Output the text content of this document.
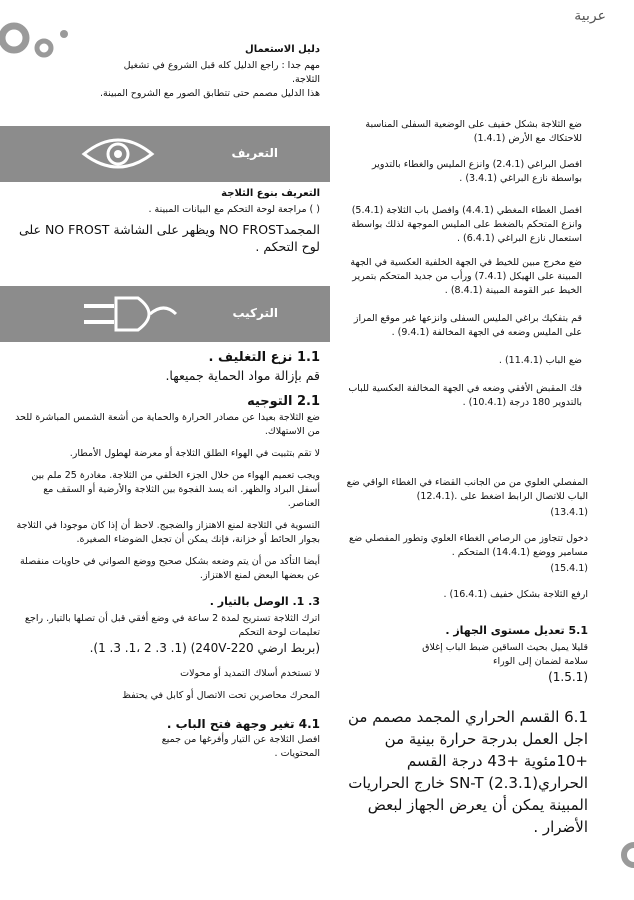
عربية
دليل الاستعمال

مهم جدا : راجع الدليل كله قبل الشروع في تشغيل الثلاجة.

هذا الدليل مصمم حتى تتطابق الصور مع الشروح المبينة.

التعريف
التعريف بنوع الثلاجة

( ) مراجعة لوحة التحكم مع البيانات المبينة .

المجمدNO FROST ويظهر على الشاشة NO FROST على لوح التحكم .

التركيب
1.1 نزع التغليف .

قم بإزالة مواد الحماية جميعها.

2.1 التوجيه

ضع الثلاجة بعيدا عن مصادر الحرارة والحماية من أشعة الشمس المباشرة للحد من الاستهلاك.

لا تقم بتثبيت في الهواء الطلق الثلاجة أو معرضة لهطول الأمطار.

ويجب تعميم الهواء من خلال الجزء الخلفي من الثلاجة. مغادرة 25 ملم بين أسفل البراد والظهر. انه يسد الفجوة بين الثلاجة والأرضية أو السقف مع العناصر.

التسوية في الثلاجة لمنع الاهتزاز والضجيج. لاحظ أن إذا كان موجودا في الثلاجة بجوار الحائط أو خزانة، فإنك يمكن أن تجعل الضوضاء الصغيرة.

أيضا التأكد من أن يتم وضعه بشكل صحيح ووضع الصواني في حاويات منفصلة عن بعضها البعض لمنع الاهتزاز.

3. 1. الوصل بالتيار .

اترك الثلاجة تستريح لمدة 2 ساعة في وضع أفقي قبل أن تصلها بالتيار. راجع تعليمات لوحة التحكم

(بربط ارضي 220-240V) (1 .3 .1، 2 .3 .1).

لا تستخدم أسلاك التمديد أو محولات

المحرك محاصرين تحت الاتصال أو كابل في يحتفظ

4.1 تغير وجهة فتح الباب .

افصل الثلاجة عن التيار وأفرغها من جميع المحتويات .

ضع الثلاجة بشكل خفيف على الوضعية السفلى المناسبة للاحتكاك مع الأرض (1.4.1)

افصل البراغي (2.4.1) وانزع المليس والغطاء بالتدوير بواسطة نازع البراغي (3.4.1) .

افصل الغطاء المغطي (4.4.1) وافصل باب الثلاجة (5.4.1) وانزع المتحكم بالضغط على المليس الموجهة لذلك بواسطة استعمال نازع البراغي (6.4.1) .

ضع مخرج مبين للخيط في الجهة الخلفية العكسية في الجهة المبينة على الهيكل (7.4.1) ورأب من جديد المتحكم بتمرير الخيط عبر القومة المبينة (8.4.1) .

قم بتفكيك براغي المليس السفلى وانزعها غير موقع المراز على المليس وضعه في الجهة المخالفة (9.4.1) .

ضع الباب (11.4.1) .

فك المقبض الأفقي وضعه في الجهة المخالفة العكسية للباب بالتدوير 180 درجة (10.4.1) .

المفصلي العلوي من من الجانب القضاء في الغطاء الواقي ضع الباب للاتصال الرابط اضغط على .(12.4.1)

(13.4.1)

دخول تتجاوز من الرصاص الغطاء العلوي وتطور المفصلي ضع مسامير ووضع (14.4.1) المتحكم .

(15.4.1)

ارفع الثلاجة بشكل خفيف (16.4.1) .

5.1 تعديل مستوى الجهاز .

قليلا يميل بحيث الساقين ضبط الباب إغلاق سلامة لضمان إلى الوراء

(1.5.1)

6.1 القسم الحراري المجمد مصمم من اجل العمل بدرجة حرارة بينية من +10مئوية +43 درجة القسم الحراريSN-T (2.3.1) خارج الحراريات المبينة يمكن أن يعرض الجهاز لبعض الأضرار .
